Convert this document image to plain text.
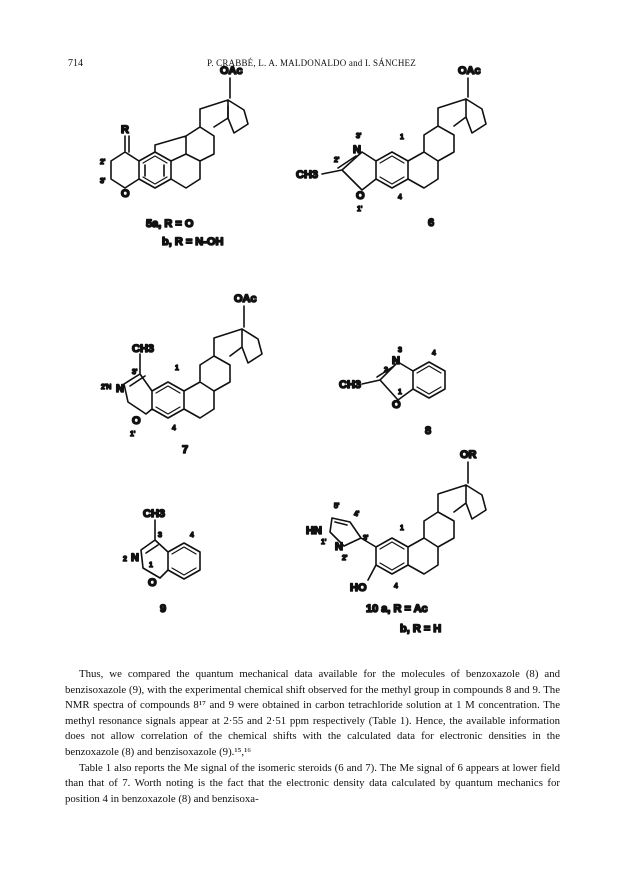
714	P. CRABBÉ, L. A. MALDONALDO and I. SÁNCHEZ
OAc
R
2'
3'
O
5a, R = O
b, R = N-OH
OAc
N
O
CH3
3'
2'
1'
1
4
6
OAc
CH3
N
O
3'
2'N
1'
1
4
7
CH3
N
O
3	4
2
1
8
CH3
N
O
3	4
2
1
9
OR
HN
N
HO
5'
4'
3'
1'
2'
1
4
10 a, R = Ac
b, R = H

Thus, we compared the quantum mechanical data available for the molecules of benzoxazole (8) and benzisoxazole (9), with the experimental chemical shift observed for the methyl group in compounds 8 and 9. The NMR spectra of compounds 8¹⁷ and 9 were obtained in carbon tetrachloride solution at 1 M concentration. The methyl resonance signals appear at 2·55 and 2·51 ppm respectively (Table 1). Hence, the available information does not allow correlation of the chemical shifts with the calculated data for electronic densities in the benzoxazole (8) and benzisoxazole (9).¹⁵,¹⁶

Table 1 also reports the Me signal of the isomeric steroids (6 and 7). The Me signal of 6 appears at lower field than that of 7. Worth noting is the fact that the electronic density data calculated by quantum mechanics for position 4 in benzoxazole (8) and benzisoxa-
